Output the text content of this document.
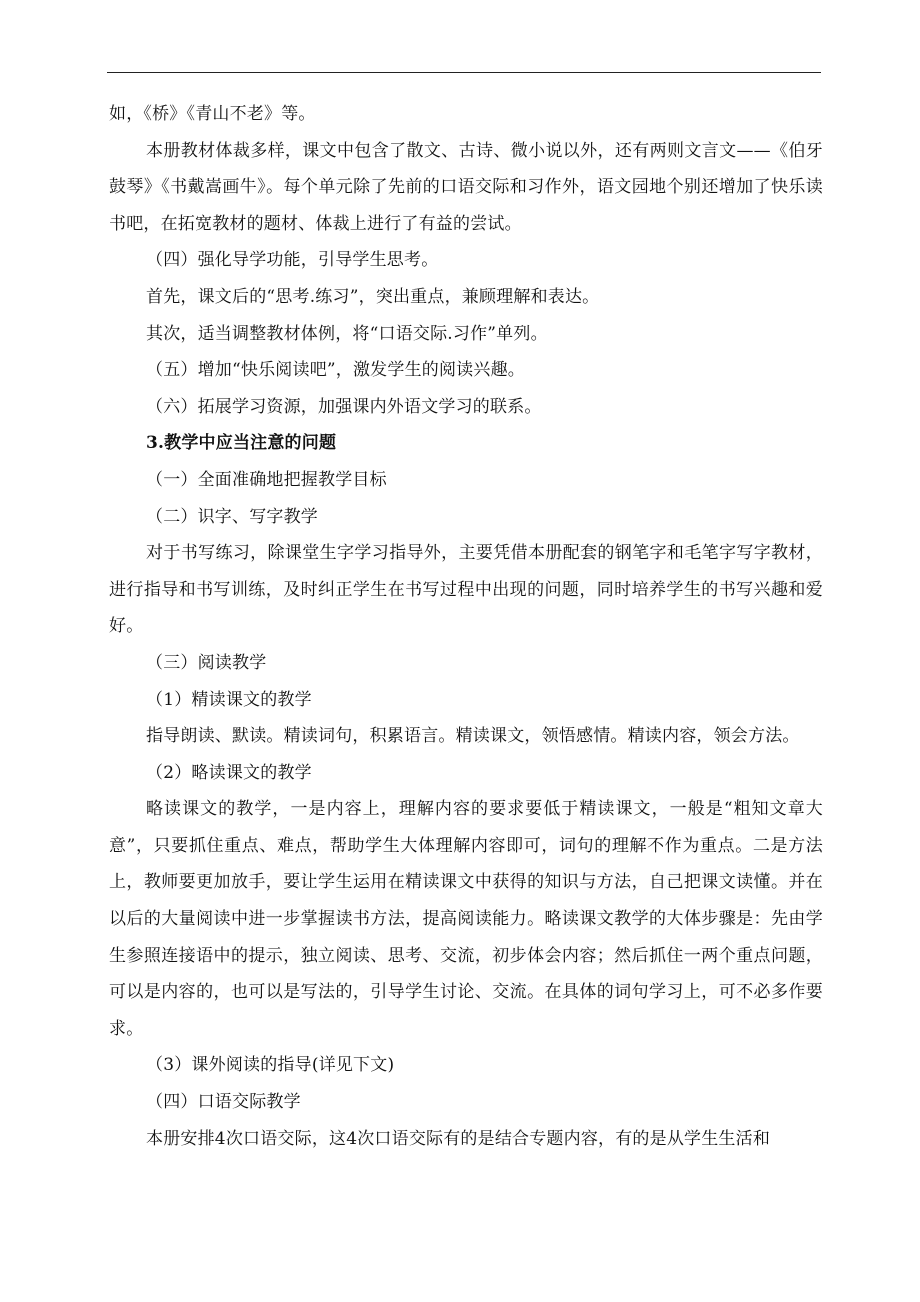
如，《桥》《青山不老》等。

本册教材体裁多样，课文中包含了散文、古诗、微小说以外，还有两则文言文——《伯牙鼓琴》《书戴嵩画牛》。每个单元除了先前的口语交际和习作外，语文园地个别还增加了快乐读书吧，在拓宽教材的题材、体裁上进行了有益的尝试。

（四）强化导学功能，引导学生思考。

首先，课文后的“思考.练习”，突出重点，兼顾理解和表达。

其次，适当调整教材体例，将“口语交际.习作”单列。

（五）增加“快乐阅读吧”，激发学生的阅读兴趣。

（六）拓展学习资源，加强课内外语文学习的联系。

3.教学中应当注意的问题

（一）全面准确地把握教学目标

（二）识字、写字教学

对于书写练习，除课堂生字学习指导外，主要凭借本册配套的钢笔字和毛笔字写字教材，进行指导和书写训练，及时纠正学生在书写过程中出现的问题，同时培养学生的书写兴趣和爱好。

（三）阅读教学

（1）精读课文的教学

指导朗读、默读。精读词句，积累语言。精读课文，领悟感情。精读内容，领会方法。

（2）略读课文的教学

略读课文的教学，一是内容上，理解内容的要求要低于精读课文，一般是“粗知文章大意”，只要抓住重点、难点，帮助学生大体理解内容即可，词句的理解不作为重点。二是方法上，教师要更加放手，要让学生运用在精读课文中获得的知识与方法，自己把课文读懂。并在以后的大量阅读中进一步掌握读书方法，提高阅读能力。略读课文教学的大体步骤是：先由学生参照连接语中的提示，独立阅读、思考、交流，初步体会内容；然后抓住一两个重点问题，可以是内容的，也可以是写法的，引导学生讨论、交流。在具体的词句学习上，可不必多作要求。

（3）课外阅读的指导(详见下文)

（四）口语交际教学

本册安排4次口语交际，这4次口语交际有的是结合专题内容，有的是从学生生活和
